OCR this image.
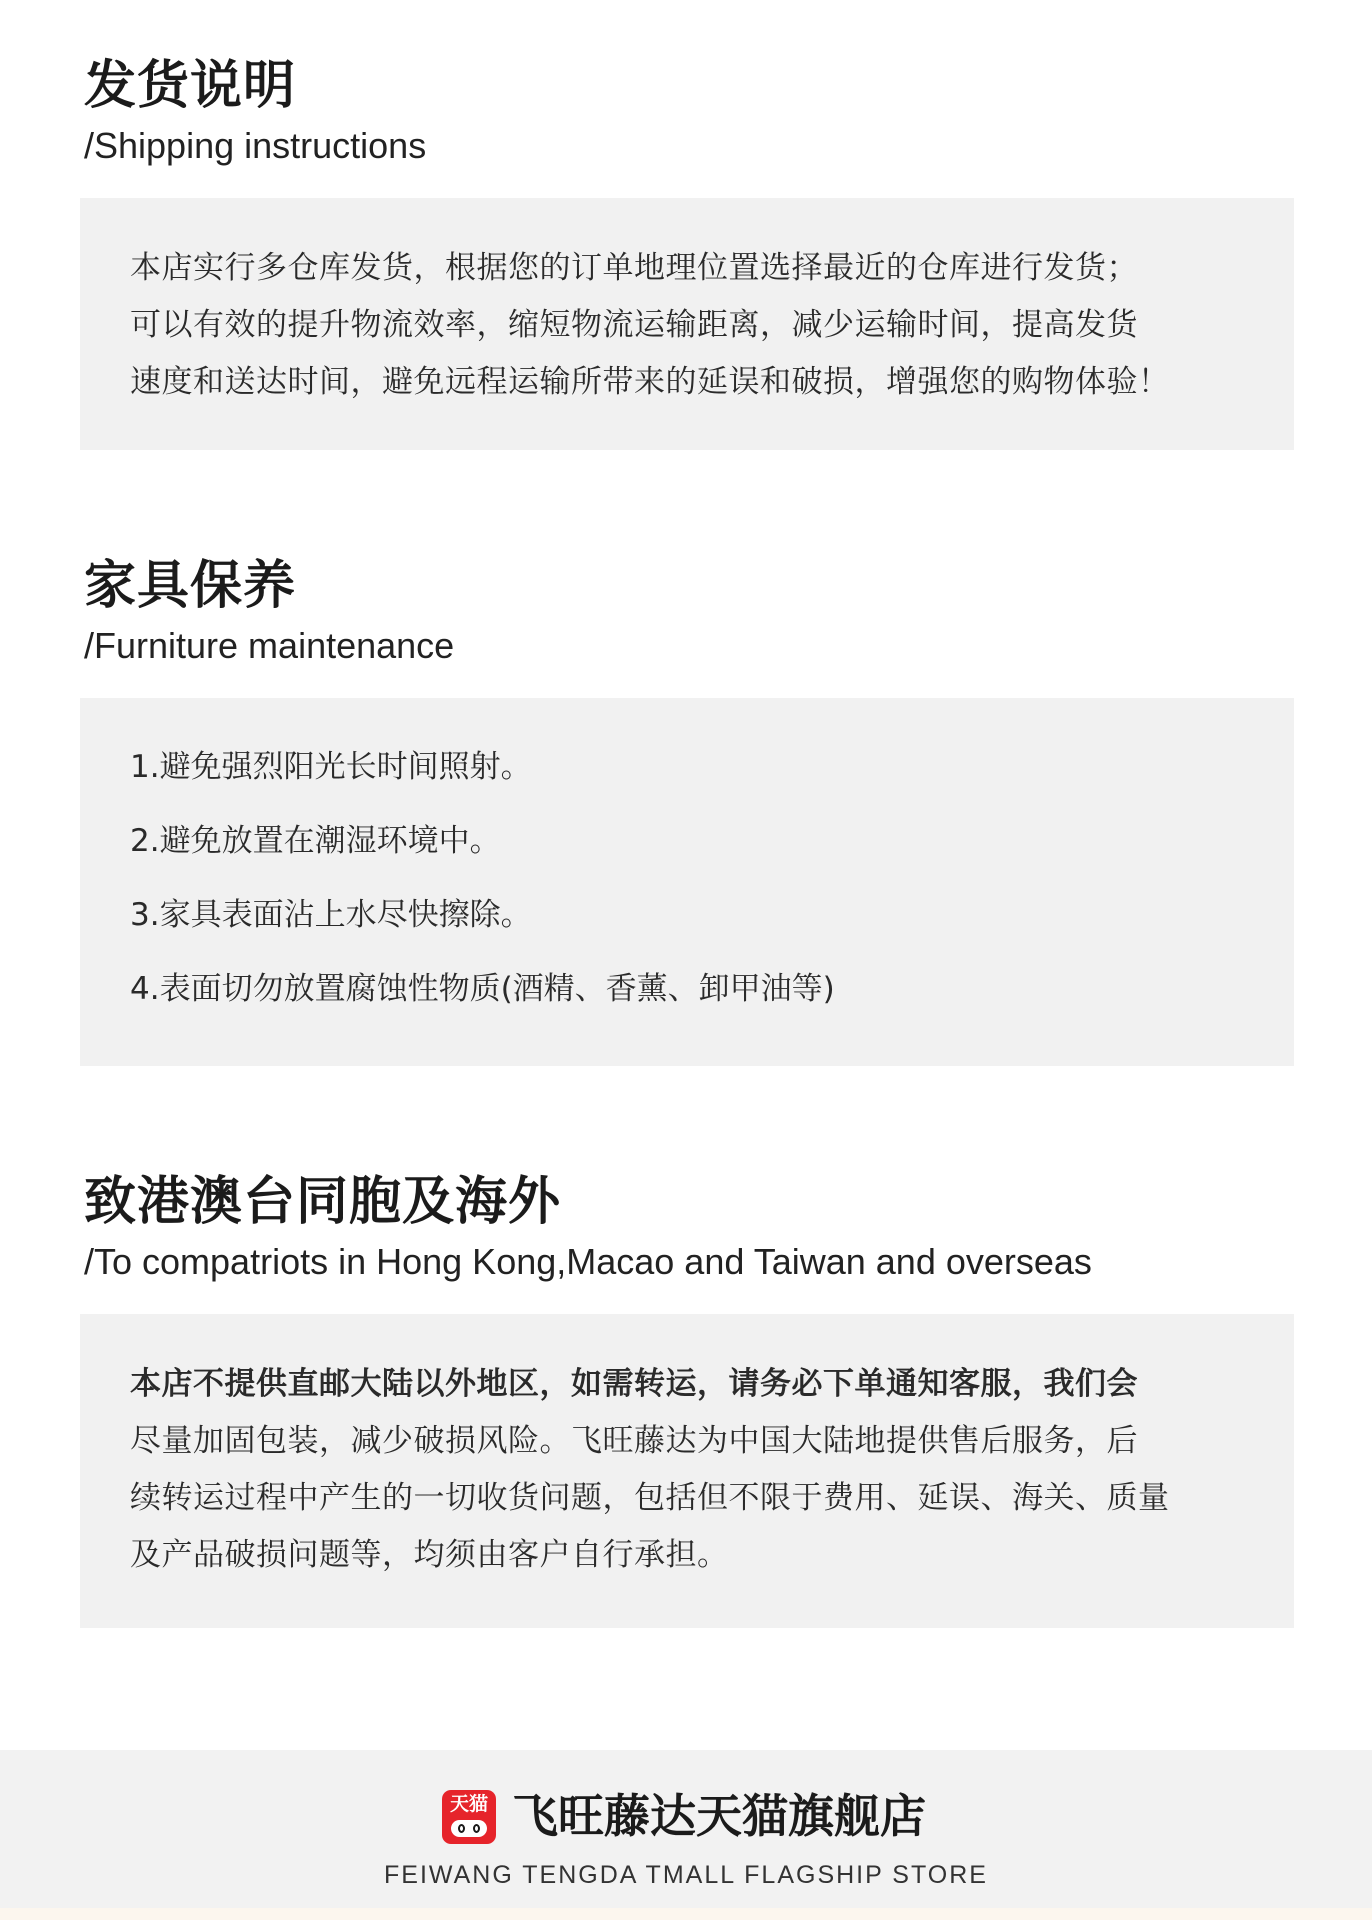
发货说明
/Shipping instructions
本店实行多仓库发货，根据您的订单地理位置选择最近的仓库进行发货；
可以有效的提升物流效率，缩短物流运输距离，减少运输时间，提高发货
速度和送达时间，避免远程运输所带来的延误和破损，增强您的购物体验！
家具保养
/Furniture maintenance
1.避免强烈阳光长时间照射。
2.避免放置在潮湿环境中。
3.家具表面沾上水尽快擦除。
4.表面切勿放置腐蚀性物质(酒精、香薰、卸甲油等)
致港澳台同胞及海外
/To compatriots in Hong Kong,Macao and Taiwan and overseas
本店不提供直邮大陆以外地区，如需转运，请务必下单通知客服，我们会
尽量加固包装，减少破损风险。飞旺藤达为中国大陆地提供售后服务，后
续转运过程中产生的一切收货问题，包括但不限于费用、延误、海关、质量
及产品破损问题等，均须由客户自行承担。
天猫 飞旺藤达天猫旗舰店
FEIWANG TENGDA TMALL FLAGSHIP STORE
